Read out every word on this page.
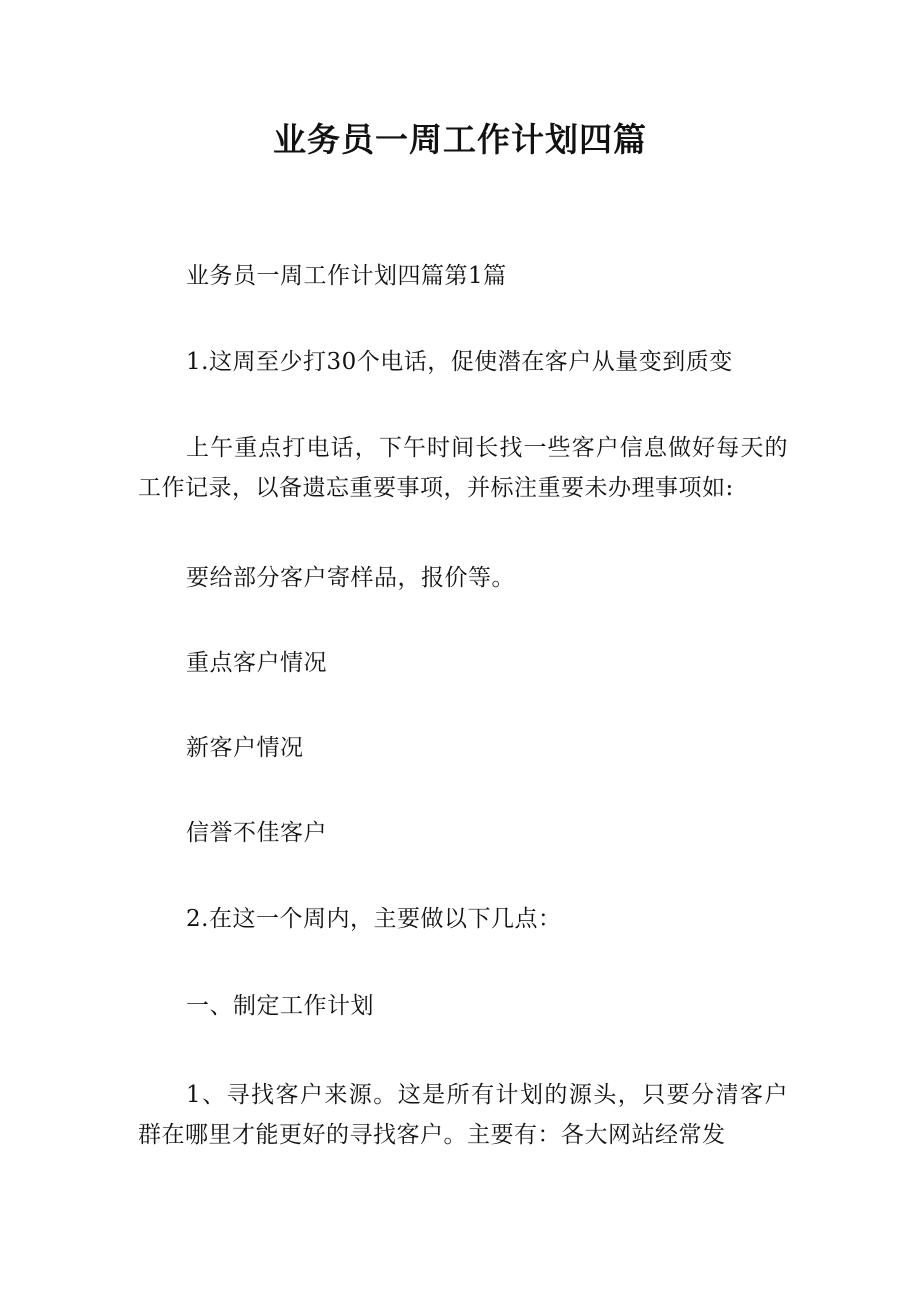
业务员一周工作计划四篇

业务员一周工作计划四篇第1篇

1.这周至少打30个电话，促使潜在客户从量变到质变

上午重点打电话，下午时间长找一些客户信息做好每天的工作记录，以备遗忘重要事项，并标注重要未办理事项如:

要给部分客户寄样品，报价等。

重点客户情况

新客户情况

信誉不佳客户

2.在这一个周内，主要做以下几点：

一、制定工作计划

1、寻找客户来源。这是所有计划的源头，只要分清客户群在哪里才能更好的寻找客户。主要有：各大网站经常发
